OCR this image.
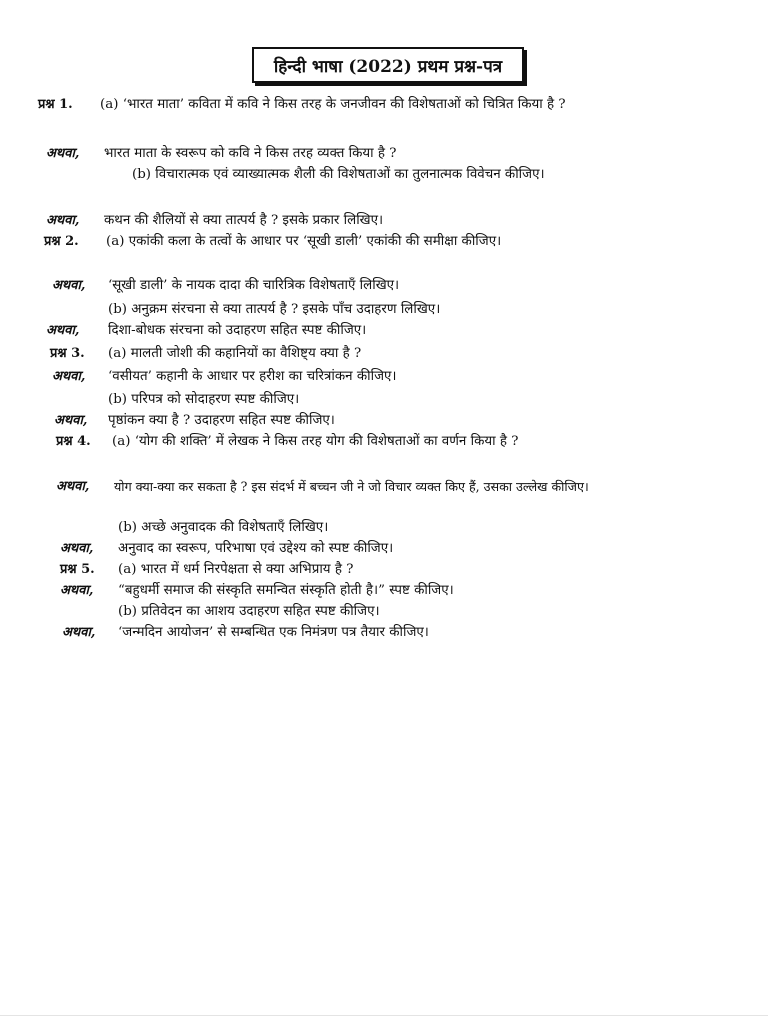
हिन्दी भाषा (2022) प्रथम प्रश्न-पत्र
प्रश्न 1. (a) ‘भारत माता’ कविता में कवि ने किस तरह के जनजीवन की विशेषताओं को चित्रित किया है ?
अथवा, भारत माता के स्वरूप को कवि ने किस तरह व्यक्त किया है ?
(b) विचारात्मक एवं व्याख्यात्मक शैली की विशेषताओं का तुलनात्मक विवेचन कीजिए।
अथवा, कथन की शैलियों से क्या तात्पर्य है ? इसके प्रकार लिखिए।
प्रश्न 2. (a) एकांकी कला के तत्वों के आधार पर ‘सूखी डाली’ एकांकी की समीक्षा कीजिए।
अथवा, ‘सूखी डाली’ के नायक दादा की चारित्रिक विशेषताएँ लिखिए।
(b) अनुक्रम संरचना से क्या तात्पर्य है ? इसके पाँच उदाहरण लिखिए।
अथवा, दिशा-बोधक संरचना को उदाहरण सहित स्पष्ट कीजिए।
प्रश्न 3. (a) मालती जोशी की कहानियों का वैशिष्ट्य क्या है ?
अथवा, ‘वसीयत’ कहानी के आधार पर हरीश का चरित्रांकन कीजिए।
(b) परिपत्र को सोदाहरण स्पष्ट कीजिए।
अथवा, पृष्ठांकन क्या है ? उदाहरण सहित स्पष्ट कीजिए।
प्रश्न 4. (a) ‘योग की शक्ति’ में लेखक ने किस तरह योग की विशेषताओं का वर्णन किया है ?
अथवा, योग क्या-क्या कर सकता है ? इस संदर्भ में बच्चन जी ने जो विचार व्यक्त किए हैं, उसका उल्लेख कीजिए।
(b) अच्छे अनुवादक की विशेषताएँ लिखिए।
अथवा, अनुवाद का स्वरूप, परिभाषा एवं उद्देश्य को स्पष्ट कीजिए।
प्रश्न 5. (a) भारत में धर्म निरपेक्षता से क्या अभिप्राय है ?
अथवा, “बहुधर्मी समाज की संस्कृति समन्वित संस्कृति होती है।” स्पष्ट कीजिए।
(b) प्रतिवेदन का आशय उदाहरण सहित स्पष्ट कीजिए।
अथवा, ‘जन्मदिन आयोजन’ से सम्बन्धित एक निमंत्रण पत्र तैयार कीजिए।
